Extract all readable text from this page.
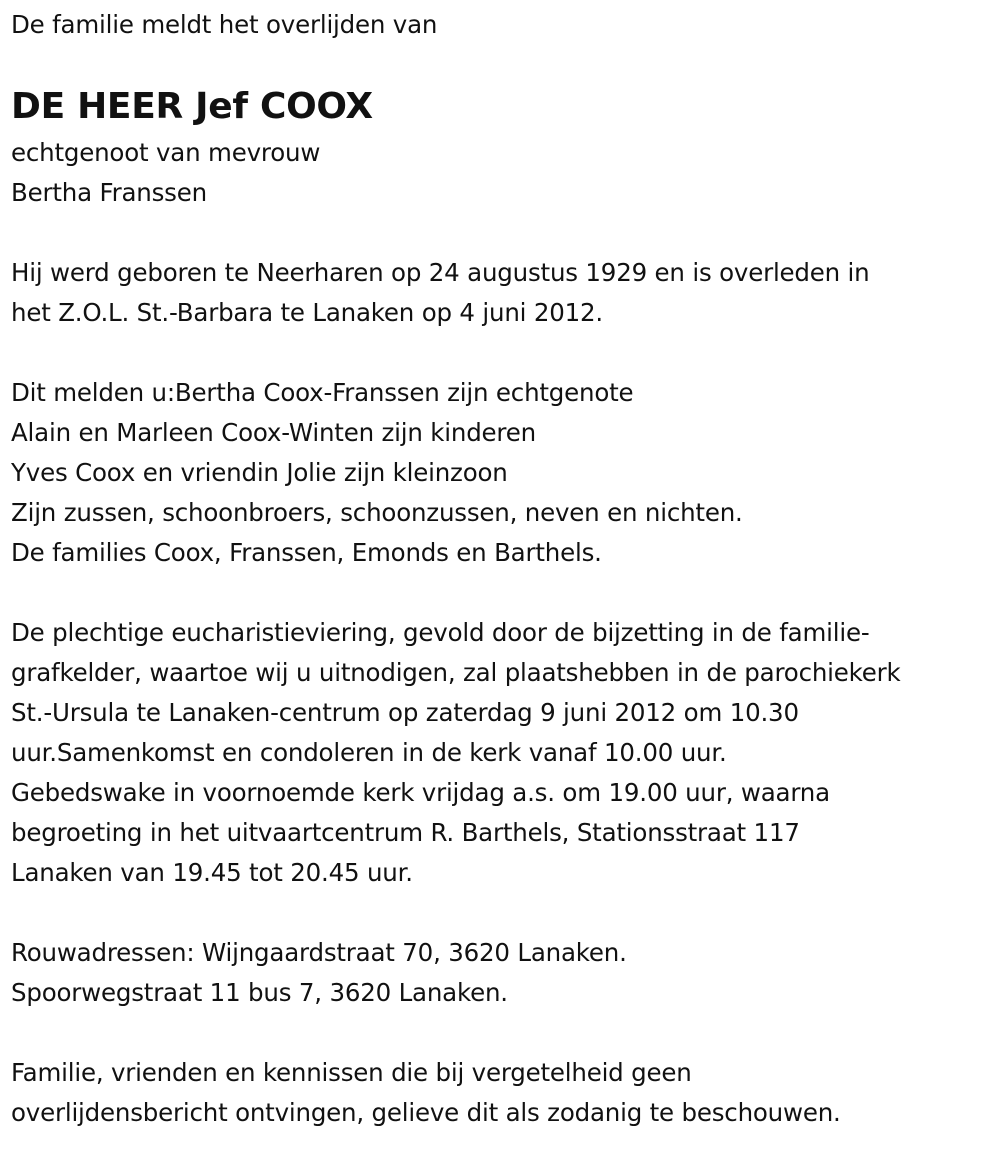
De familie meldt het overlijden van
DE HEER Jef COOX
echtgenoot van mevrouw
Bertha Franssen
Hij werd geboren te Neerharen op 24 augustus 1929 en is overleden in
het Z.O.L. St.-Barbara te Lanaken op 4 juni 2012.
Dit melden u:Bertha Coox-Franssen zijn echtgenote
Alain en Marleen Coox-Winten zijn kinderen
Yves Coox en vriendin Jolie zijn kleinzoon
Zijn zussen, schoonbroers, schoonzussen, neven en nichten.
De families Coox, Franssen, Emonds en Barthels.
De plechtige eucharistieviering, gevold door de bijzetting in de familie-
grafkelder, waartoe wij u uitnodigen, zal plaatshebben in de parochiekerk
St.-Ursula te Lanaken-centrum op zaterdag 9 juni 2012 om 10.30
uur.Samenkomst en condoleren in de kerk vanaf 10.00 uur.
Gebedswake in voornoemde kerk vrijdag a.s. om 19.00 uur, waarna
begroeting in het uitvaartcentrum R. Barthels, Stationsstraat 117
Lanaken van 19.45 tot 20.45 uur.
Rouwadressen: Wijngaardstraat 70, 3620 Lanaken.
Spoorwegstraat 11 bus 7, 3620 Lanaken.
Familie, vrienden en kennissen die bij vergetelheid geen
overlijdensbericht ontvingen, gelieve dit als zodanig te beschouwen.
